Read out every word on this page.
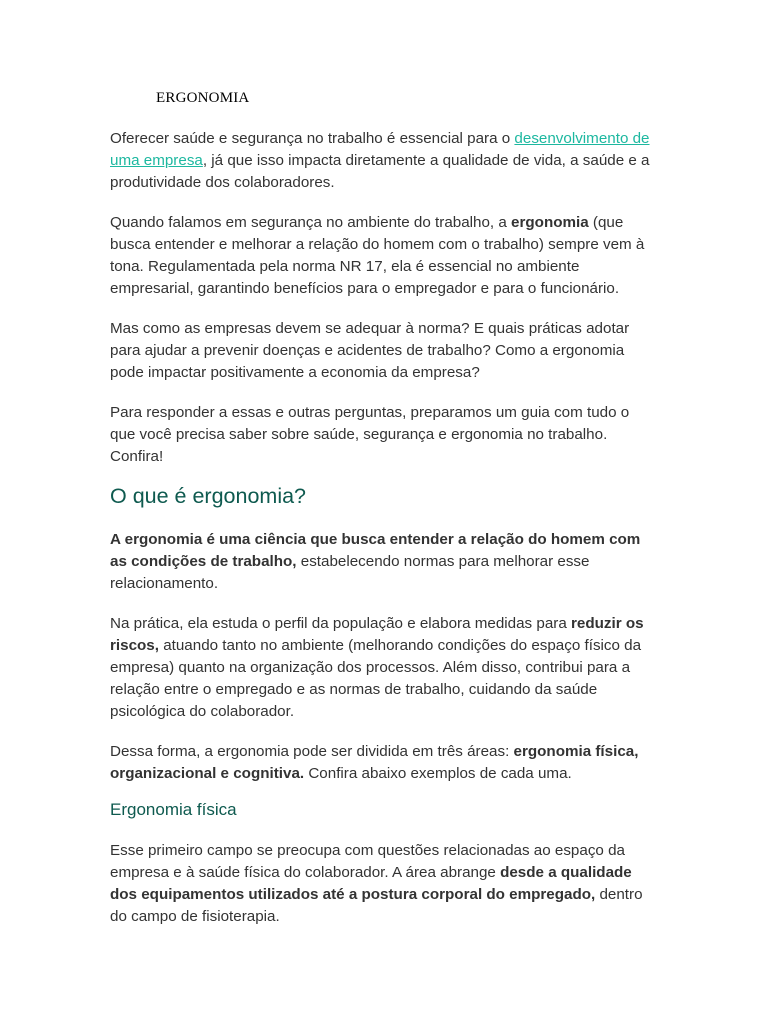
ERGONOMIA

Oferecer saúde e segurança no trabalho é essencial para o desenvolvimento de uma empresa, já que isso impacta diretamente a qualidade de vida, a saúde e a produtividade dos colaboradores.

Quando falamos em segurança no ambiente do trabalho, a ergonomia (que busca entender e melhorar a relação do homem com o trabalho) sempre vem à tona. Regulamentada pela norma NR 17, ela é essencial no ambiente empresarial, garantindo benefícios para o empregador e para o funcionário.

Mas como as empresas devem se adequar à norma? E quais práticas adotar para ajudar a prevenir doenças e acidentes de trabalho? Como a ergonomia pode impactar positivamente a economia da empresa?

Para responder a essas e outras perguntas, preparamos um guia com tudo o que você precisa saber sobre saúde, segurança e ergonomia no trabalho. Confira!

O que é ergonomia?

A ergonomia é uma ciência que busca entender a relação do homem com as condições de trabalho, estabelecendo normas para melhorar esse relacionamento.

Na prática, ela estuda o perfil da população e elabora medidas para reduzir os riscos, atuando tanto no ambiente (melhorando condições do espaço físico da empresa) quanto na organização dos processos. Além disso, contribui para a relação entre o empregado e as normas de trabalho, cuidando da saúde psicológica do colaborador.

Dessa forma, a ergonomia pode ser dividida em três áreas: ergonomia física, organizacional e cognitiva. Confira abaixo exemplos de cada uma.

Ergonomia física

Esse primeiro campo se preocupa com questões relacionadas ao espaço da empresa e à saúde física do colaborador. A área abrange desde a qualidade dos equipamentos utilizados até a postura corporal do empregado, dentro do campo de fisioterapia.
